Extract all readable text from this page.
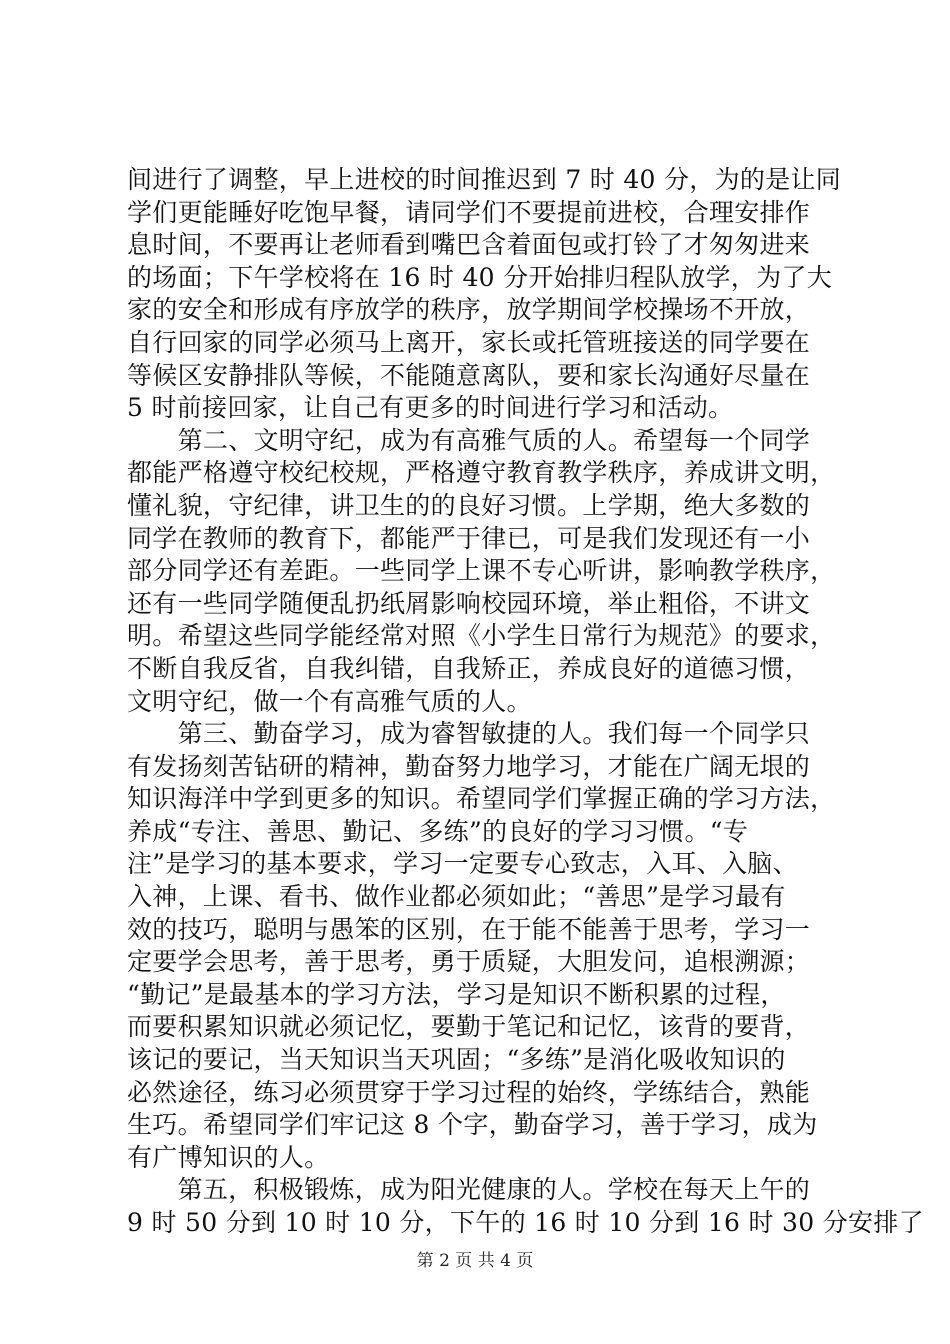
间进行了调整，早上进校的时间推迟到 7 时 40 分，为的是让同
学们更能睡好吃饱早餐，请同学们不要提前进校，合理安排作
息时间，不要再让老师看到嘴巴含着面包或打铃了才匆匆进来
的场面；下午学校将在 16 时 40 分开始排归程队放学，为了大
家的安全和形成有序放学的秩序，放学期间学校操场不开放，
自行回家的同学必须马上离开，家长或托管班接送的同学要在
等候区安静排队等候，不能随意离队，要和家长沟通好尽量在
5 时前接回家，让自己有更多的时间进行学习和活动。
　　第二、文明守纪，成为有高雅气质的人。希望每一个同学
都能严格遵守校纪校规，严格遵守教育教学秩序，养成讲文明，
懂礼貌，守纪律，讲卫生的的良好习惯。上学期，绝大多数的
同学在教师的教育下，都能严于律已，可是我们发现还有一小
部分同学还有差距。一些同学上课不专心听讲，影响教学秩序，
还有一些同学随便乱扔纸屑影响校园环境，举止粗俗，不讲文
明。希望这些同学能经常对照《小学生日常行为规范》的要求，
不断自我反省，自我纠错，自我矫正，养成良好的道德习惯，
文明守纪，做一个有高雅气质的人。
　　第三、勤奋学习，成为睿智敏捷的人。我们每一个同学只
有发扬刻苦钻研的精神，勤奋努力地学习，才能在广阔无垠的
知识海洋中学到更多的知识。希望同学们掌握正确的学习方法，
养成“专注、善思、勤记、多练”的良好的学习习惯。“专
注”是学习的基本要求，学习一定要专心致志，入耳、入脑、
入神，上课、看书、做作业都必须如此；“善思”是学习最有
效的技巧，聪明与愚笨的区别，在于能不能善于思考，学习一
定要学会思考，善于思考，勇于质疑，大胆发问，追根溯源；
“勤记”是最基本的学习方法，学习是知识不断积累的过程，
而要积累知识就必须记忆，要勤于笔记和记忆，该背的要背，
该记的要记，当天知识当天巩固；“多练”是消化吸收知识的
必然途径，练习必须贯穿于学习过程的始终，学练结合，熟能
生巧。希望同学们牢记这 8 个字，勤奋学习，善于学习，成为
有广博知识的人。
　　第五，积极锻炼，成为阳光健康的人。学校在每天上午的
9 时 50 分到 10 时 10 分，下午的 16 时 10 分到 16 时 30 分安排了
第 2 页 共 4 页
